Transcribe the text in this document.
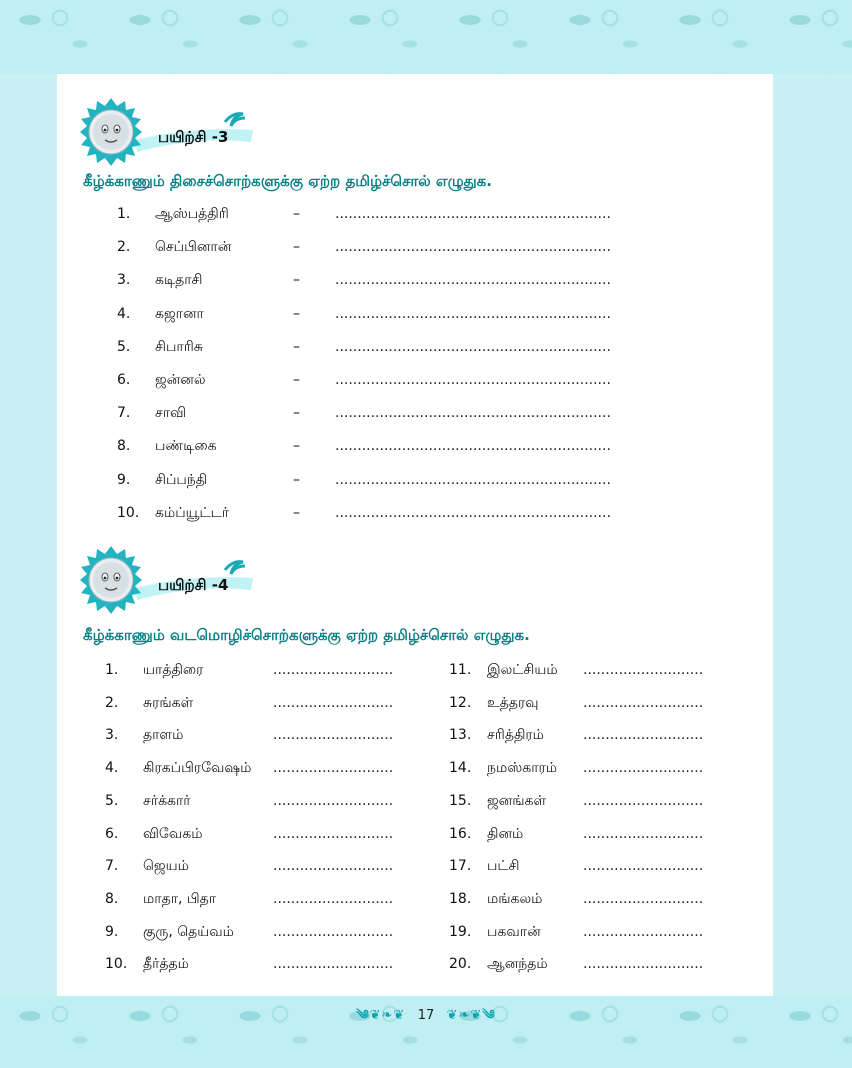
பயிற்சி -3
கீழ்க்காணும் திசைச்சொற்களுக்கு ஏற்ற தமிழ்ச்சொல் எழுதுக.
1.	ஆஸ்பத்திரி	–	..............................................................
2.	செப்பினான்	–	..............................................................
3.	கடிதாசி	–	..............................................................
4.	கஜானா	–	..............................................................
5.	சிபாரிசு	–	..............................................................
6.	ஜன்னல்	–	..............................................................
7.	சாவி	–	..............................................................
8.	பண்டிகை	–	..............................................................
9.	சிப்பந்தி	–	..............................................................
10.	கம்ப்யூட்டர்	–	..............................................................
பயிற்சி -4
கீழ்க்காணும் வடமொழிச்சொற்களுக்கு ஏற்ற தமிழ்ச்சொல் எழுதுக.
1. யாத்திரை	...........................
2. சுரங்கள்	...........................
3. தாளம்	...........................
4. கிரகப்பிரவேஷம் ...........................
5. சர்க்கார்	...........................
6. விவேகம்	...........................
7. ஜெயம்	...........................
8. மாதா, பிதா	...........................
9. குரு, தெய்வம்	...........................
10. தீர்த்தம்	...........................
11. இலட்சியம் ...........................
12. உத்தரவு	...........................
13. சரித்திரம்	...........................
14. நமஸ்காரம் ...........................
15. ஜனங்கள்	...........................
16. தினம்	...........................
17. பட்சி	...........................
18. மங்கலம்	...........................
19. பகவான்	...........................
20. ஆனந்தம்	...........................
༄❦❧❦ 17 ❦❧❦༄
